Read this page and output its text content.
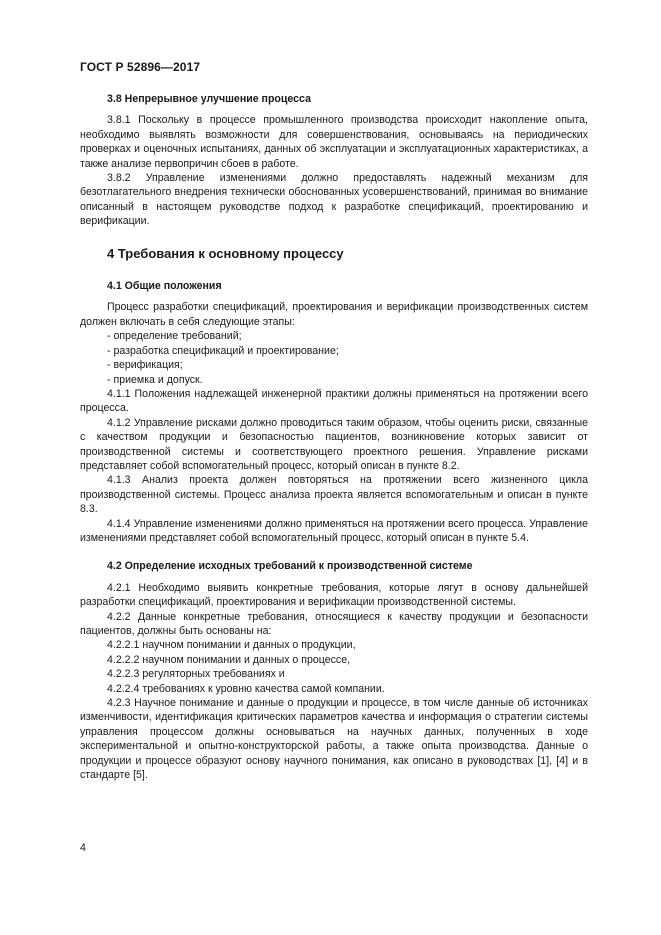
ГОСТ Р 52896—2017
3.8 Непрерывное улучшение процесса

3.8.1 Поскольку в процессе промышленного производства происходит накопление опыта, необходимо выявлять возможности для совершенствования, основываясь на периодических проверках и оценочных испытаниях, данных об эксплуатации и эксплуатационных характеристиках, а также анализе первопричин сбоев в работе.

3.8.2 Управление изменениями должно предоставлять надежный механизм для безотлагательного внедрения технически обоснованных усовершенствований, принимая во внимание описанный в настоящем руководстве подход к разработке спецификаций, проектированию и верификации.

4 Требования к основному процессу
4.1 Общие положения

Процесс разработки спецификаций, проектирования и верификации производственных систем должен включать в себя следующие этапы:

- определение требований;
- разработка спецификаций и проектирование;
- верификация;
- приемка и допуск.

4.1.1 Положения надлежащей инженерной практики должны применяться на протяжении всего процесса.

4.1.2 Управление рисками должно проводиться таким образом, чтобы оценить риски, связанные с качеством продукции и безопасностью пациентов, возникновение которых зависит от производственной системы и соответствующего проектного решения. Управление рисками представляет собой вспомогательный процесс, который описан в пункте 8.2.

4.1.3 Анализ проекта должен повторяться на протяжении всего жизненного цикла производственной системы. Процесс анализа проекта является вспомогательным и описан в пункте 8.3.

4.1.4 Управление изменениями должно применяться на протяжении всего процесса. Управление изменениями представляет собой вспомогательный процесс, который описан в пункте 5.4.

4.2 Определение исходных требований к производственной системе

4.2.1 Необходимо выявить конкретные требования, которые лягут в основу дальнейшей разработки спецификаций, проектирования и верификации производственной системы.

4.2.2 Данные конкретные требования, относящиеся к качеству продукции и безопасности пациентов, должны быть основаны на:

4.2.2.1 научном понимании и данных о продукции,
4.2.2.2 научном понимании и данных о процессе,
4.2.2.3 регуляторных требованиях и
4.2.2.4 требованиях к уровню качества самой компании.

4.2.3 Научное понимание и данные о продукции и процессе, в том числе данные об источниках изменчивости, идентификация критических параметров качества и информация о стратегии системы управления процессом должны основываться на научных данных, полученных в ходе экспериментальной и опытно-конструкторской работы, а также опыта производства. Данные о продукции и процессе образуют основу научного понимания, как описано в руководствах [1], [4] и в стандарте [5].

4
